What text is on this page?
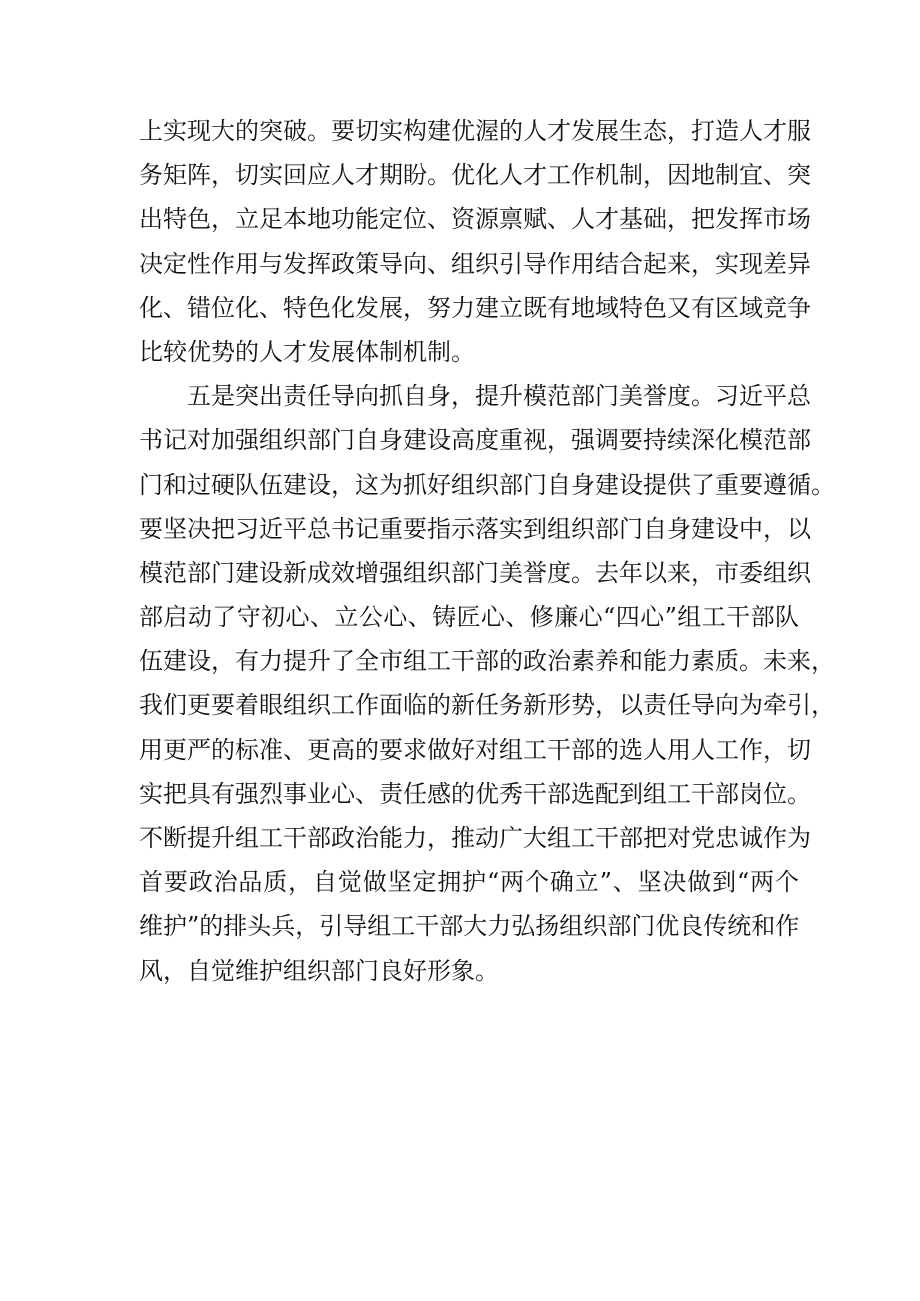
上实现大的突破。要切实构建优渥的人才发展生态，打造人才服
务矩阵，切实回应人才期盼。优化人才工作机制，因地制宜、突
出特色，立足本地功能定位、资源禀赋、人才基础，把发挥市场
决定性作用与发挥政策导向、组织引导作用结合起来，实现差异
化、错位化、特色化发展，努力建立既有地域特色又有区域竞争
比较优势的人才发展体制机制。
五是突出责任导向抓自身，提升模范部门美誉度。习近平总
书记对加强组织部门自身建设高度重视，强调要持续深化模范部
门和过硬队伍建设，这为抓好组织部门自身建设提供了重要遵循。
要坚决把习近平总书记重要指示落实到组织部门自身建设中，以
模范部门建设新成效增强组织部门美誉度。去年以来，市委组织
部启动了守初心、立公心、铸匠心、修廉心“四心”组工干部队
伍建设，有力提升了全市组工干部的政治素养和能力素质。未来，
我们更要着眼组织工作面临的新任务新形势，以责任导向为牵引，
用更严的标准、更高的要求做好对组工干部的选人用人工作，切
实把具有强烈事业心、责任感的优秀干部选配到组工干部岗位。
不断提升组工干部政治能力，推动广大组工干部把对党忠诚作为
首要政治品质，自觉做坚定拥护“两个确立”、坚决做到“两个
维护”的排头兵，引导组工干部大力弘扬组织部门优良传统和作
风，自觉维护组织部门良好形象。
